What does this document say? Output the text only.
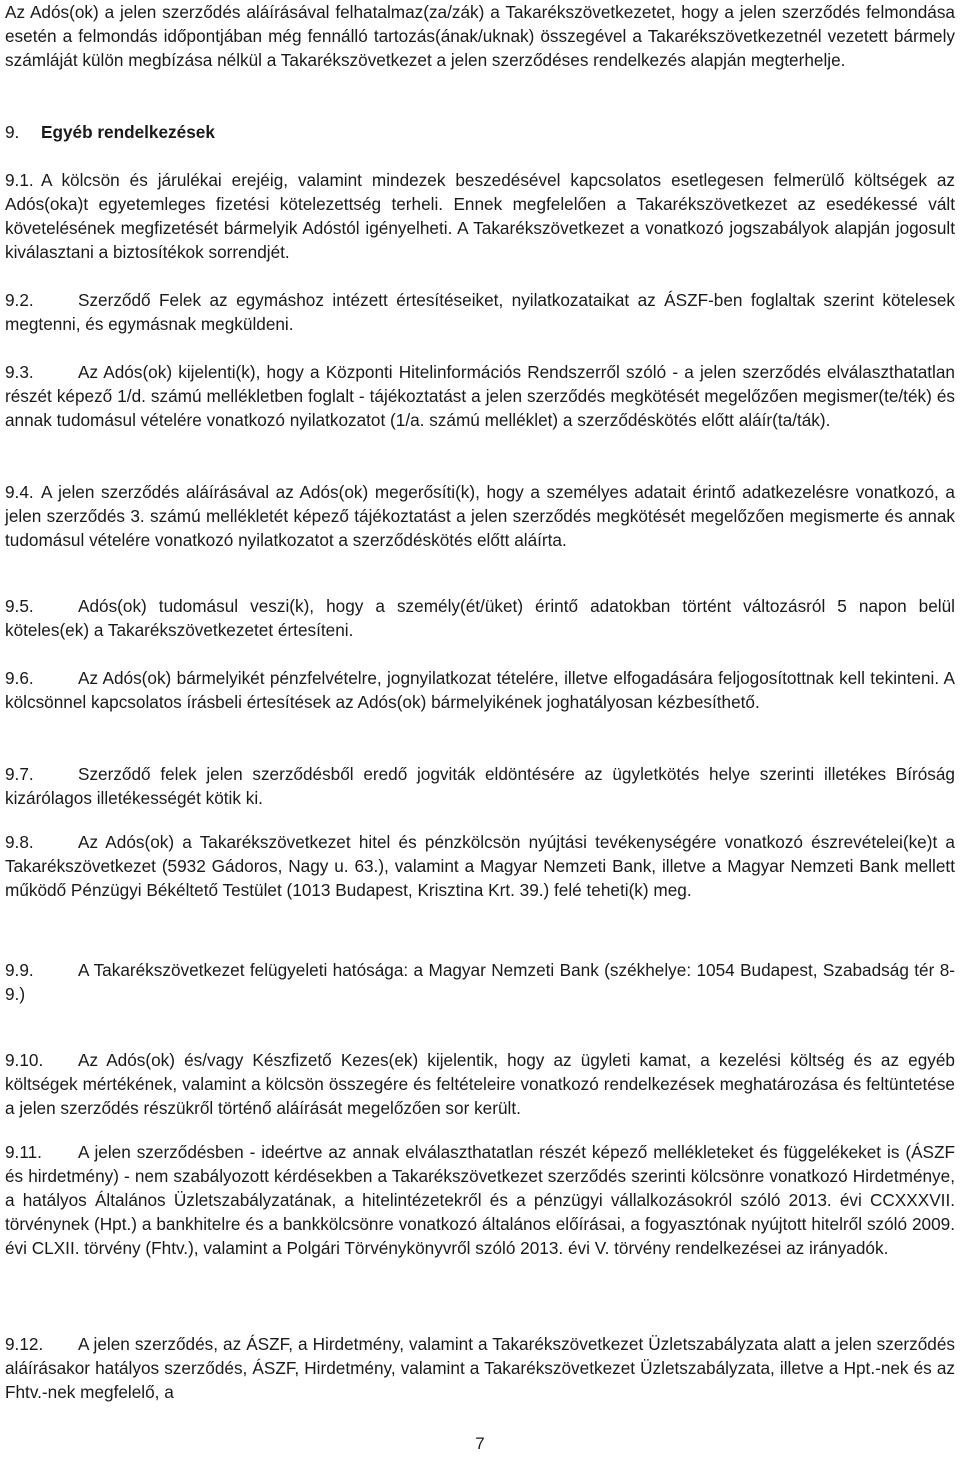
Az Adós(ok) a jelen szerződés aláírásával felhatalmaz(za/zák) a Takarékszövetkezetet, hogy a jelen szerződés felmondása esetén a felmondás időpontjában még fennálló tartozás(ának/uknak) összegével a Takarékszövetkezetnél vezetett bármely számláját külön megbízása nélkül a Takarékszövetkezet a jelen szerződéses rendelkezés alapján megterhelje.

9. Egyéb rendelkezések

9.1. A kölcsön és járulékai erejéig, valamint mindezek beszedésével kapcsolatos esetlegesen felmerülő költségek az Adós(oka)t egyetemleges fizetési kötelezettség terheli. Ennek megfelelően a Takarékszövetkezet az esedékessé vált követelésének megfizetését bármelyik Adóstól igényelheti. A Takarékszövetkezet a vonatkozó jogszabályok alapján jogosult kiválasztani a biztosítékok sorrendjét.

9.2.	Szerződő Felek az egymáshoz intézett értesítéseiket, nyilatkozataikat az ÁSZF-ben foglaltak szerint kötelesek megtenni, és egymásnak megküldeni.

9.3.	Az Adós(ok) kijelenti(k), hogy a Központi Hitelinformációs Rendszerről szóló - a jelen szerződés elválaszthatatlan részét képező 1/d. számú mellékletben foglalt - tájékoztatást a jelen szerződés megkötését megelőzően megismer(te/ték) és annak tudomásul vételére vonatkozó nyilatkozatot (1/a. számú melléklet) a szerződéskötés előtt aláír(ta/ták).

9.4. A jelen szerződés aláírásával az Adós(ok) megerősíti(k), hogy a személyes adatait érintő adatkezelésre vonatkozó, a jelen szerződés 3. számú mellékletét képező tájékoztatást a jelen szerződés megkötését megelőzően megismerte és annak tudomásul vételére vonatkozó nyilatkozatot a szerződéskötés előtt aláírta.

9.5.	Adós(ok) tudomásul veszi(k), hogy a személy(ét/üket) érintő adatokban történt változásról 5 napon belül köteles(ek) a Takarékszövetkezetet értesíteni.

9.6.	Az Adós(ok) bármelyikét pénzfelvételre, jognyilatkozat tételére, illetve elfogadására feljogosítottnak kell tekinteni. A kölcsönnel kapcsolatos írásbeli értesítések az Adós(ok) bármelyikének joghatályosan kézbesíthető.

9.7.	Szerződő felek jelen szerződésből eredő jogviták eldöntésére az ügyletkötés helye szerinti illetékes Bíróság kizárólagos illetékességét kötik ki.

9.8.	Az Adós(ok) a Takarékszövetkezet hitel és pénzkölcsön nyújtási tevékenységére vonatkozó észrevételei(ke)t a Takarékszövetkezet (5932 Gádoros, Nagy u. 63.), valamint a Magyar Nemzeti Bank, illetve a Magyar Nemzeti Bank mellett működő Pénzügyi Békéltető Testület (1013 Budapest, Krisztina Krt. 39.) felé teheti(k) meg.

9.9.	A Takarékszövetkezet felügyeleti hatósága: a Magyar Nemzeti Bank (székhelye: 1054 Budapest, Szabadság tér 8-9.)

9.10. Az Adós(ok) és/vagy Készfizető Kezes(ek) kijelentik, hogy az ügyleti kamat, a kezelési költség és az egyéb költségek mértékének, valamint a kölcsön összegére és feltételeire vonatkozó rendelkezések meghatározása és feltüntetése a jelen szerződés részükről történő aláírását megelőzően sor került.

9.11. A jelen szerződésben - ideértve az annak elválaszthatatlan részét képező mellékleteket és függelékeket is (ÁSZF és hirdetmény) - nem szabályozott kérdésekben a Takarékszövetkezet szerződés szerinti kölcsönre vonatkozó Hirdetménye, a hatályos Általános Üzletszabályzatának, a hitelintézetekről és a pénzügyi vállalkozásokról szóló 2013. évi CCXXXVII. törvénynek (Hpt.) a bankhitelre és a bankkölcsönre vonatkozó általános előírásai, a fogyasztónak nyújtott hitelről szóló 2009. évi CLXII. törvény (Fhtv.), valamint a Polgári Törvénykönyvről szóló 2013. évi V. törvény rendelkezései az irányadók.

9.12. A jelen szerződés, az ÁSZF, a Hirdetmény, valamint a Takarékszövetkezet Üzletszabályzata alatt a jelen szerződés aláírásakor hatályos szerződés, ÁSZF, Hirdetmény, valamint a Takarékszövetkezet Üzletszabályzata, illetve a Hpt.-nek és az Fhtv.-nek megfelelő, a

7
